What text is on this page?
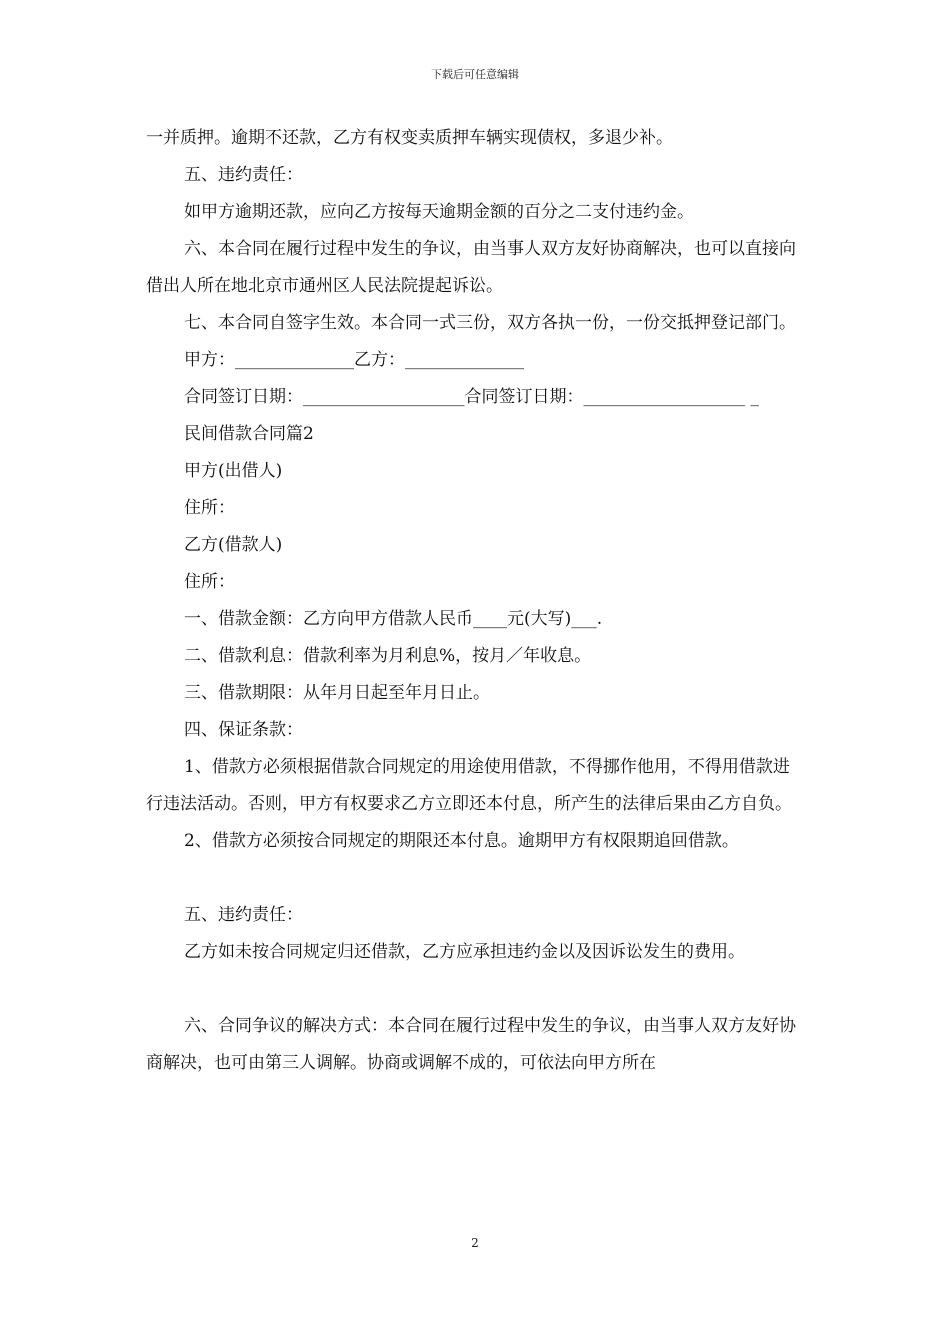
下载后可任意编辑

一并质押。逾期不还款，乙方有权变卖质押车辆实现债权，多退少补。

五、违约责任：

如甲方逾期还款，应向乙方按每天逾期金额的百分之二支付违约金。

六、本合同在履行过程中发生的争议，由当事人双方友好协商解决，也可以直接向借出人所在地北京市通州区人民法院提起诉讼。

七、本合同自签字生效。本合同一式三份，双方各执一份，一份交抵押登记部门。

甲方：______________乙方：______________

合同签订日期：___________________合同签订日期：___________________ _

民间借款合同篇2

甲方(出借人)

住所：

乙方(借款人)

住所：

一、借款金额：乙方向甲方借款人民币____元(大写)___.

二、借款利息：借款利率为月利息%，按月／年收息。

三、借款期限：从年月日起至年月日止。

四、保证条款：

1、借款方必须根据借款合同规定的用途使用借款，不得挪作他用，不得用借款进行违法活动。否则，甲方有权要求乙方立即还本付息，所产生的法律后果由乙方自负。

2、借款方必须按合同规定的期限还本付息。逾期甲方有权限期追回借款。

五、违约责任：

乙方如未按合同规定归还借款，乙方应承担违约金以及因诉讼发生的费用。

六、合同争议的解决方式：本合同在履行过程中发生的争议，由当事人双方友好协商解决，也可由第三人调解。协商或调解不成的，可依法向甲方所在

2
